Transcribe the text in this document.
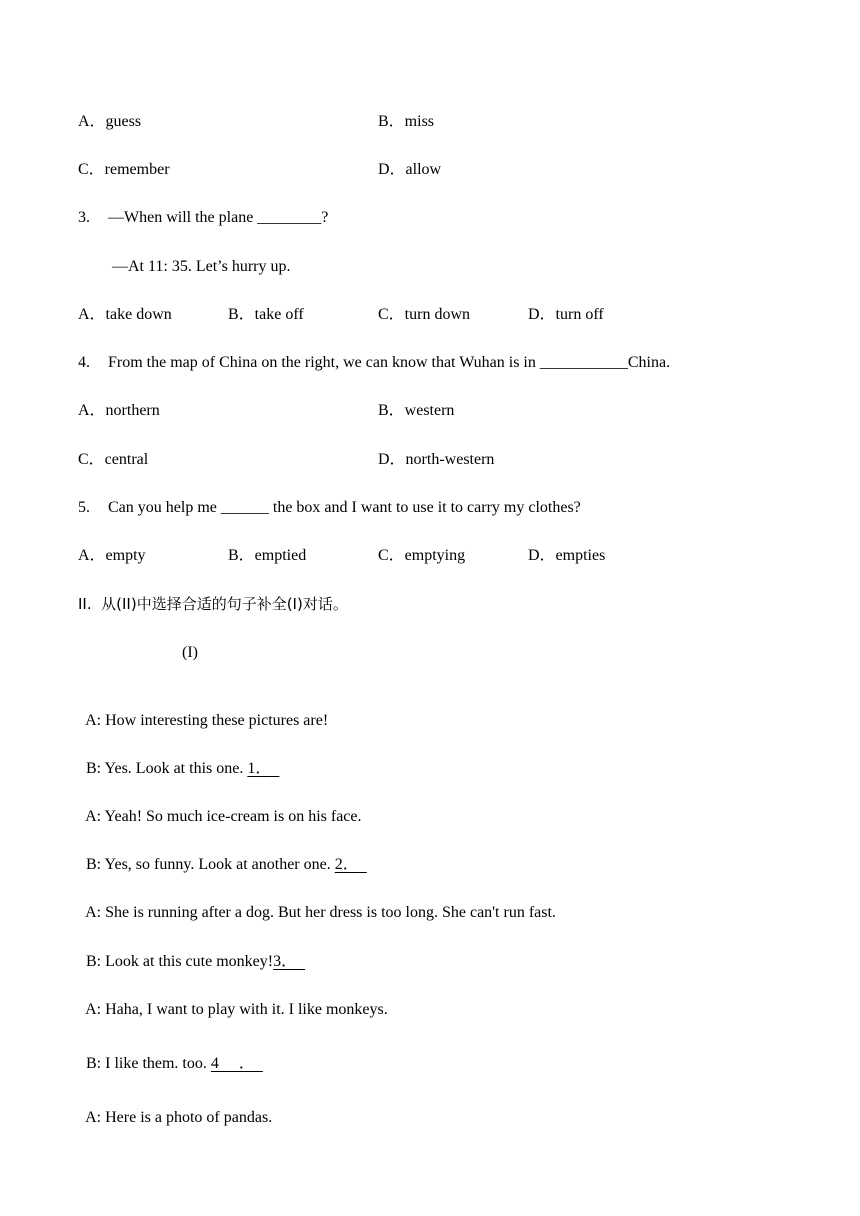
A．guess	B．miss
C．remember	D．allow
3. —When will the plane ________?
—At 11: 35. Let’s hurry up.
A．take down	B．take off	C．turn down	D．turn off
4. From the map of China on the right, we can know that Wuhan is in ___________China.
A．northern	B．western
C．central	D．north-western
5. Can you help me ______ the box and I want to use it to carry my clothes?
A．empty	B．emptied	C．emptying	D．empties
II.  从(II)中选择合适的句子补全(I)对话。
(I)

A: How interesting these pictures are!

B: Yes. Look at this one. 1．

A: Yeah! So much ice-cream is on his face.

B: Yes, so funny. Look at another one. 2．

A: She is running after a dog. But her dress is too long. She can't run fast.

B: Look at this cute monkey!3．

A: Haha, I want to play with it. I like monkeys.

B: I like them. too. 4     ．

A: Here is a photo of pandas.
